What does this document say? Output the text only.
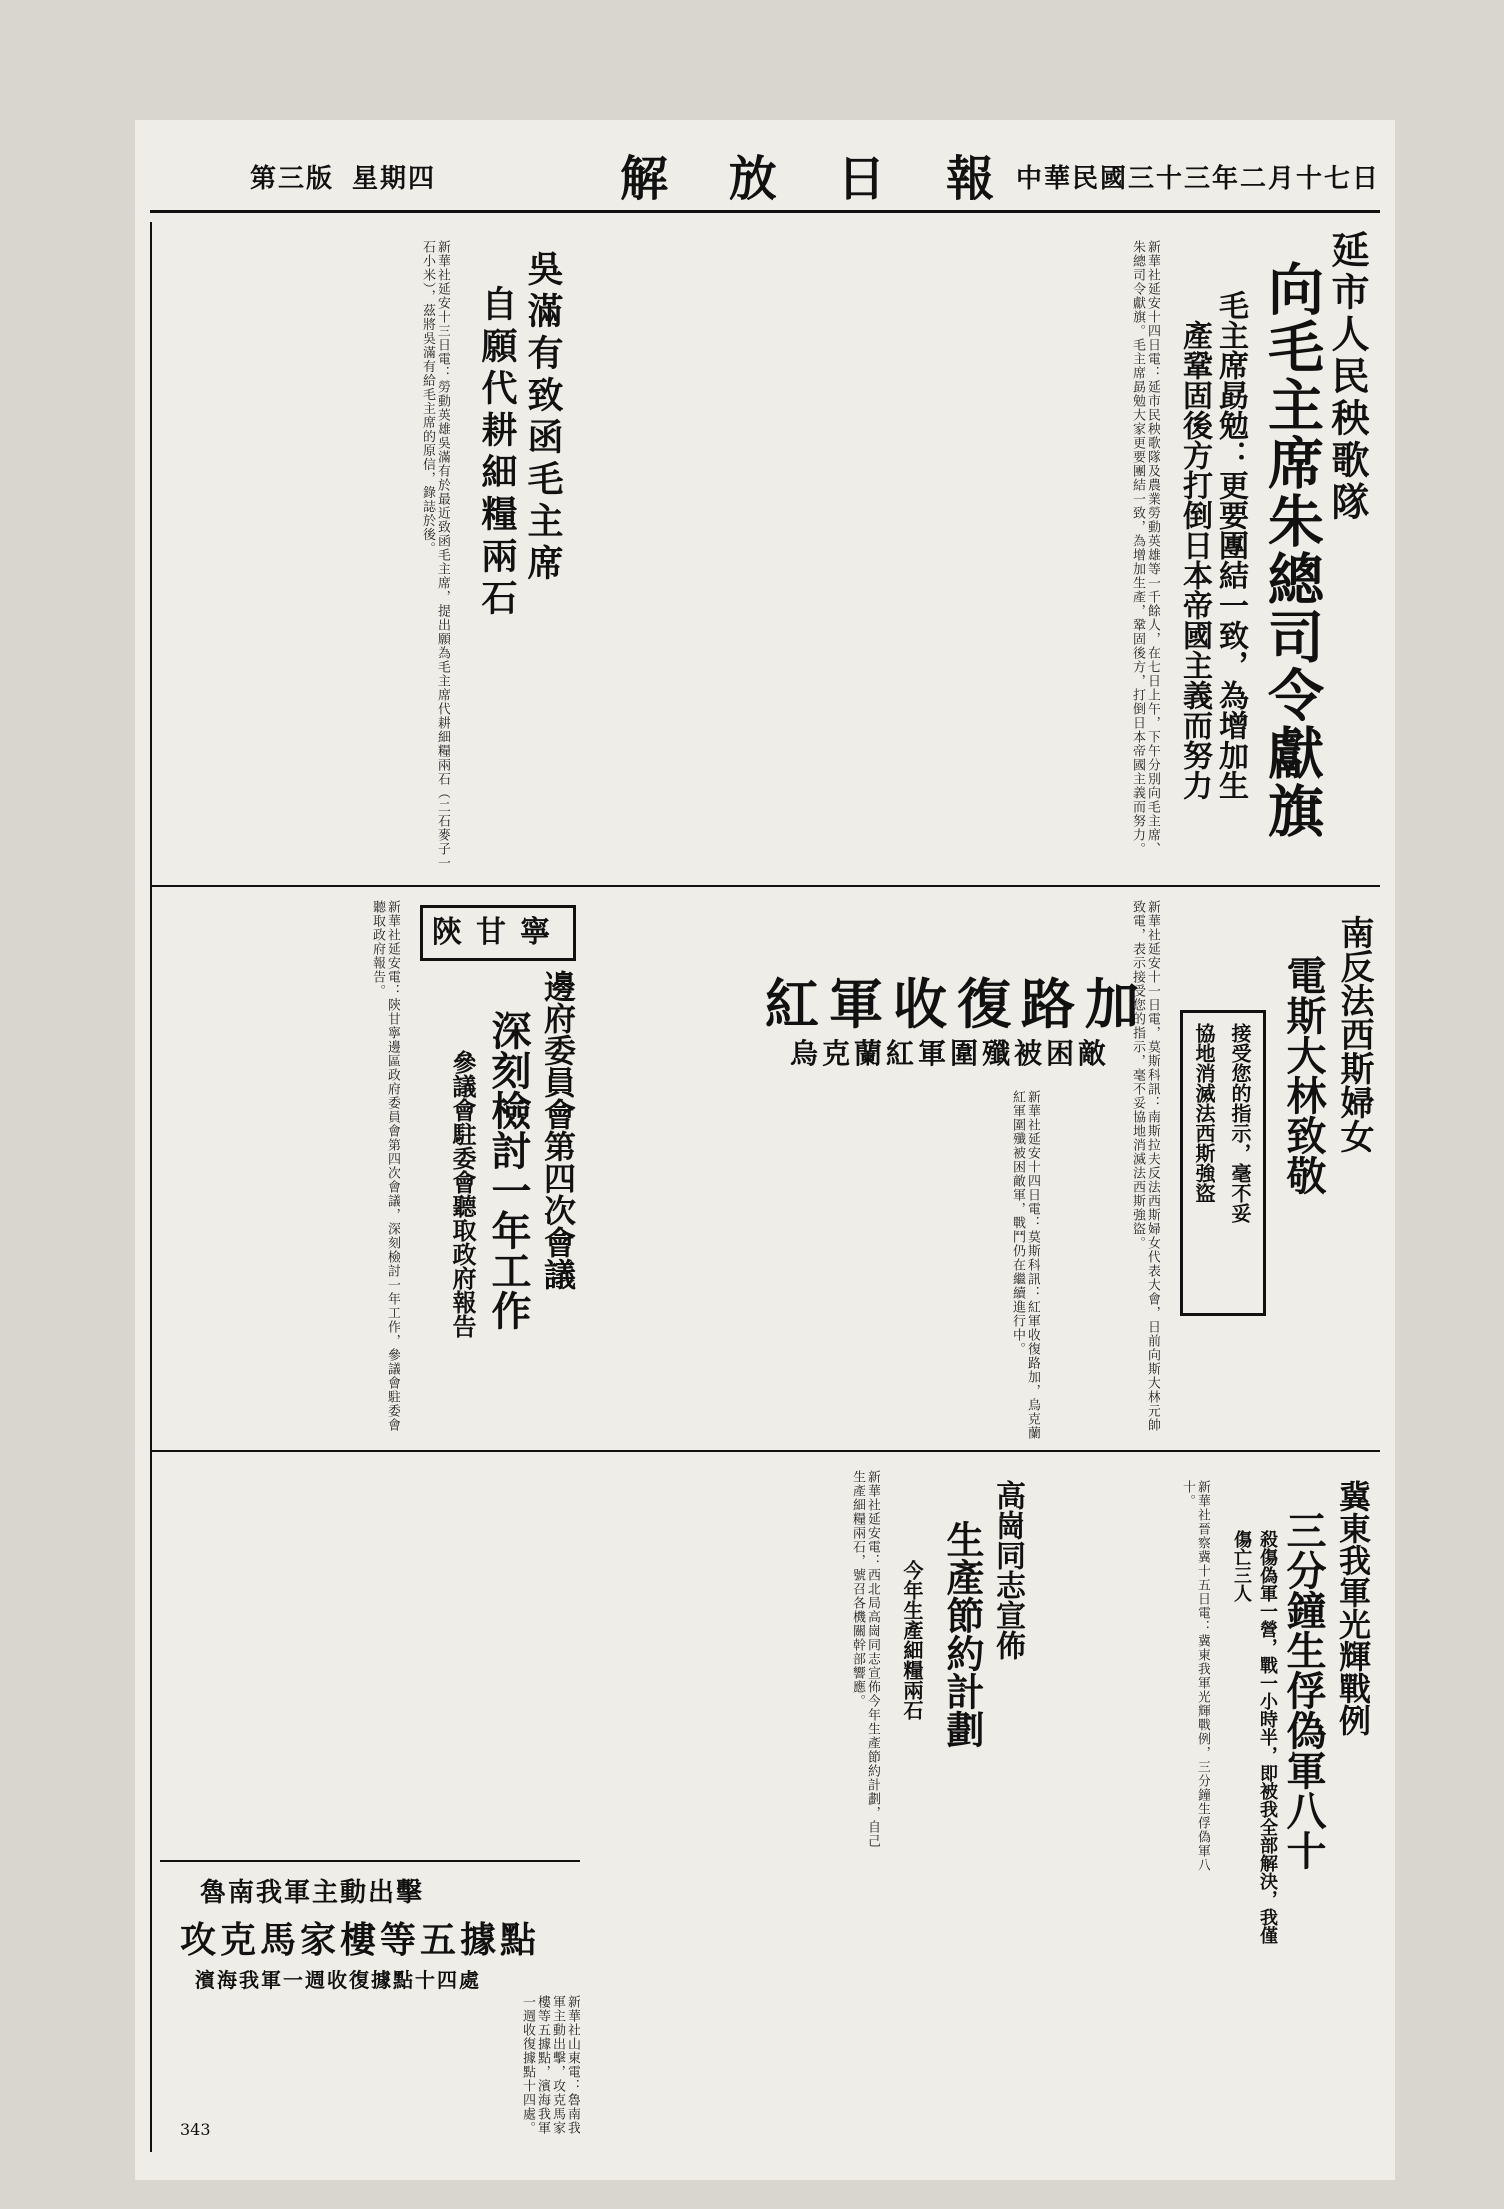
第三版 星期四	解 放 日 報 中華民國三十三年二月十七日
延市人民秧歌隊
向毛主席朱總司令獻旗
毛主席勗勉：更要團結一致，為增加生
產鞏固後方打倒日本帝國主義而努力
新華社延安十四日電：延市民秧歌隊及農業勞動英雄等一千餘人，在七日上午，下午分別向毛主席、朱總司令獻旗。毛主席勗勉大家更要團結一致，為增加生產，鞏固後方，打倒日本帝國主義而努力。
吳滿有致函毛主席
自願代耕細糧兩石
新華社延安十三日電：勞動英雄吳滿有於最近致函毛主席，提出願為毛主席代耕細糧兩石（二石麥子一石小米），茲將吳滿有給毛主席的原信，錄誌於後。
南反法西斯婦女
電斯大林致敬
接受您的指示，毫不妥
協地消滅法西斯強盜
新華社延安十一日電，莫斯科訊：南斯拉夫反法西斯婦女代表大會，日前向斯大林元帥致電，表示接受您的指示，毫不妥協地消滅法西斯強盜。
紅軍收復路加
烏克蘭紅軍圍殲被困敵
新華社延安十四日電：莫斯科訊：紅軍收復路加，烏克蘭紅軍圍殲被困敵軍，戰鬥仍在繼續進行中。
陝甘寧
邊府委員會第四次會議
深刻檢討一年工作
參議會駐委會聽取政府報告
新華社延安電：陝甘寧邊區政府委員會第四次會議，深刻檢討一年工作，參議會駐委會聽取政府報告。
冀東我軍光輝戰例
三分鐘生俘偽軍八十
殺傷偽軍一營，戰一小時半，即被我全部解決，我僅傷亡三人
新華社晉察冀十五日電：冀東我軍光輝戰例，三分鐘生俘偽軍八十。
高崗同志宣佈
生產節約計劃
今年生產細糧兩石
新華社延安電：西北局高崗同志宣佈今年生產節約計劃，自己生產細糧兩石，號召各機關幹部響應。
魯南我軍主動出擊
攻克馬家樓等五據點
濱海我軍一週收復據點十四處
新華社山東電：魯南我軍主動出擊，攻克馬家樓等五據點，濱海我軍一週收復據點十四處。
343
